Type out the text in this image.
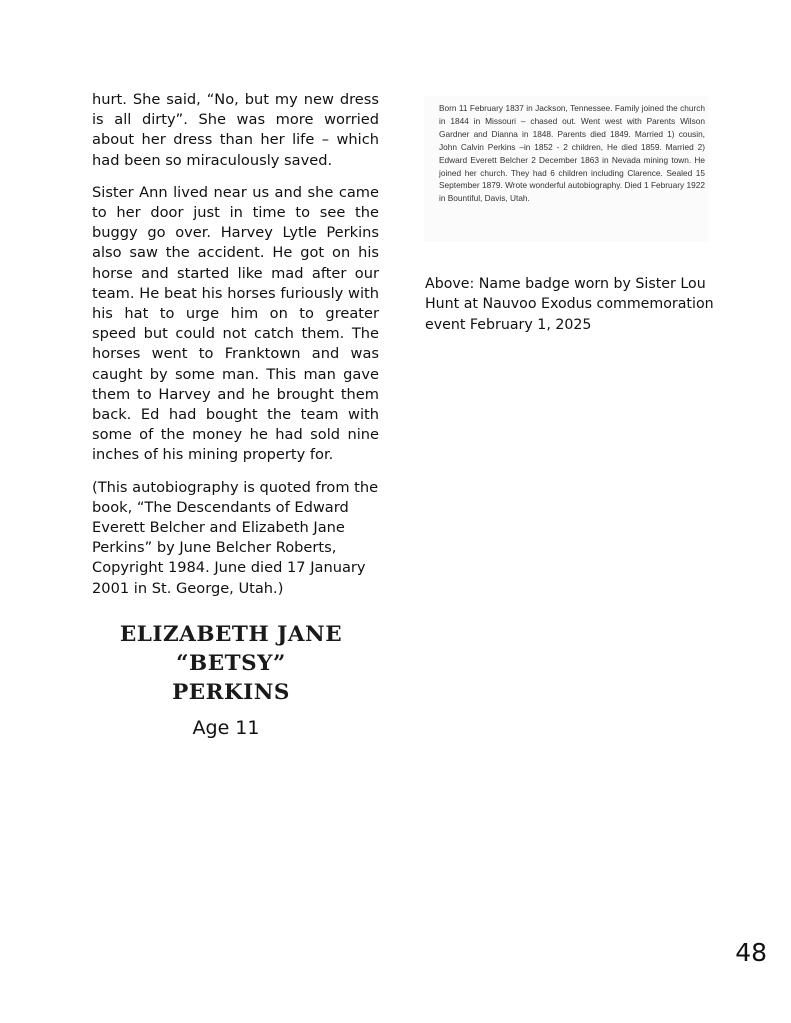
hurt. She said, “No, but my new dress is all dirty”. She was more worried about her dress than her life – which had been so miraculously saved.

Sister Ann lived near us and she came to her door just in time to see the buggy go over. Harvey Lytle Perkins also saw the accident. He got on his horse and started like mad after our team. He beat his horses furiously with his hat to urge him on to greater speed but could not catch them. The horses went to Franktown and was caught by some man. This man gave them to Harvey and he brought them back. Ed had bought the team with some of the money he had sold nine inches of his mining property for.

(This autobiography is quoted from the book, “The Descendants of Edward Everett Belcher and Elizabeth Jane Perkins” by June Belcher Roberts, Copyright 1984. June died 17 January 2001 in St. George, Utah.)

Born 11 February 1837 in Jackson, Tennessee. Family joined the church in 1844 in Missouri – chased out. Went west with Parents Wilson Gardner and Dianna in 1848. Parents died 1849. Married 1) cousin, John Calvin Perkins –in 1852 - 2 children, He died 1859. Married 2) Edward Everett Belcher 2 December 1863 in Nevada mining town. He joined her church. They had 6 children including Clarence. Sealed 15 September 1879. Wrote wonderful autobiography. Died 1 February 1922 in Bountiful, Davis, Utah.

Above: Name badge worn by Sister Lou Hunt at Nauvoo Exodus commemoration event February 1, 2025

ELIZABETH JANE
“BETSY”
PERKINS
Age 11
48
